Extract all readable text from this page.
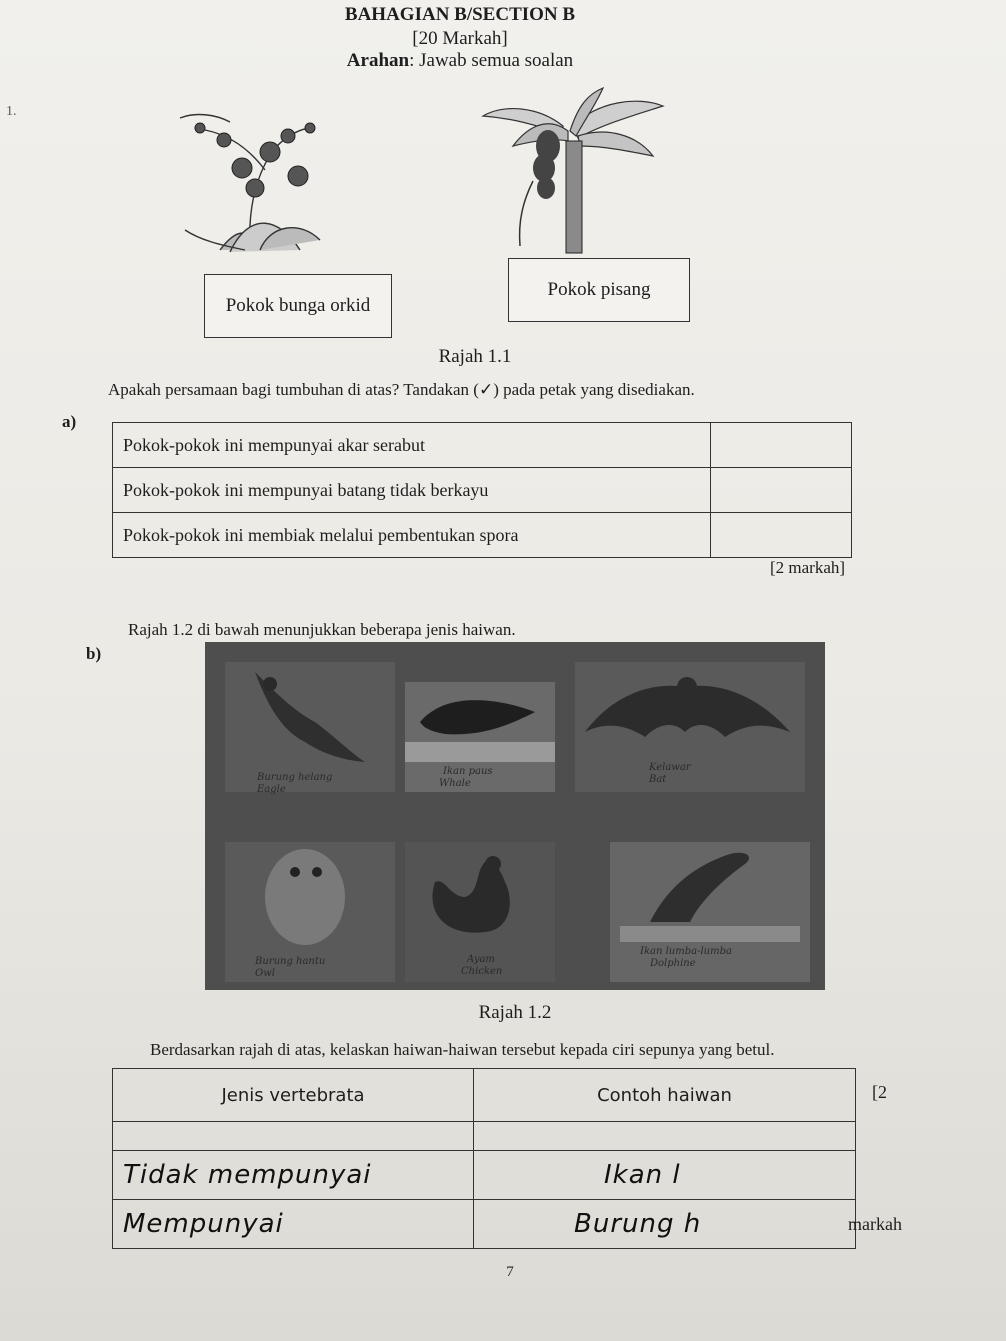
BAHAGIAN B/SECTION B
[20 Markah]
Arahan: Jawab semua soalan
1.
Pokok bunga orkid
Pokok pisang
Rajah 1.1
a)
Apakah persamaan bagi tumbuhan di atas? Tandakan (✓) pada petak yang disediakan.
Pokok-pokok ini mempunyai akar serabut	
Pokok-pokok ini mempunyai batang tidak berkayu	
Pokok-pokok ini membiak melalui pembentukan spora	
[2 markah]
b)
Rajah 1.2 di bawah menunjukkan beberapa jenis haiwan.
Burung helang
Eagle
Ikan paus
Whale
Kelawar
Bat
Burung hantu
Owl
Ayam
Chicken
Ikan lumba-lumba
Dolphine
Rajah 1.2
Berdasarkan rajah di atas, kelaskan haiwan-haiwan tersebut kepada ciri sepunya yang betul.
Jenis vertebrata	Contoh haiwan

Tidak mempunyai	Ikan l
Mempunyai	Burung h
[2
markah
7
